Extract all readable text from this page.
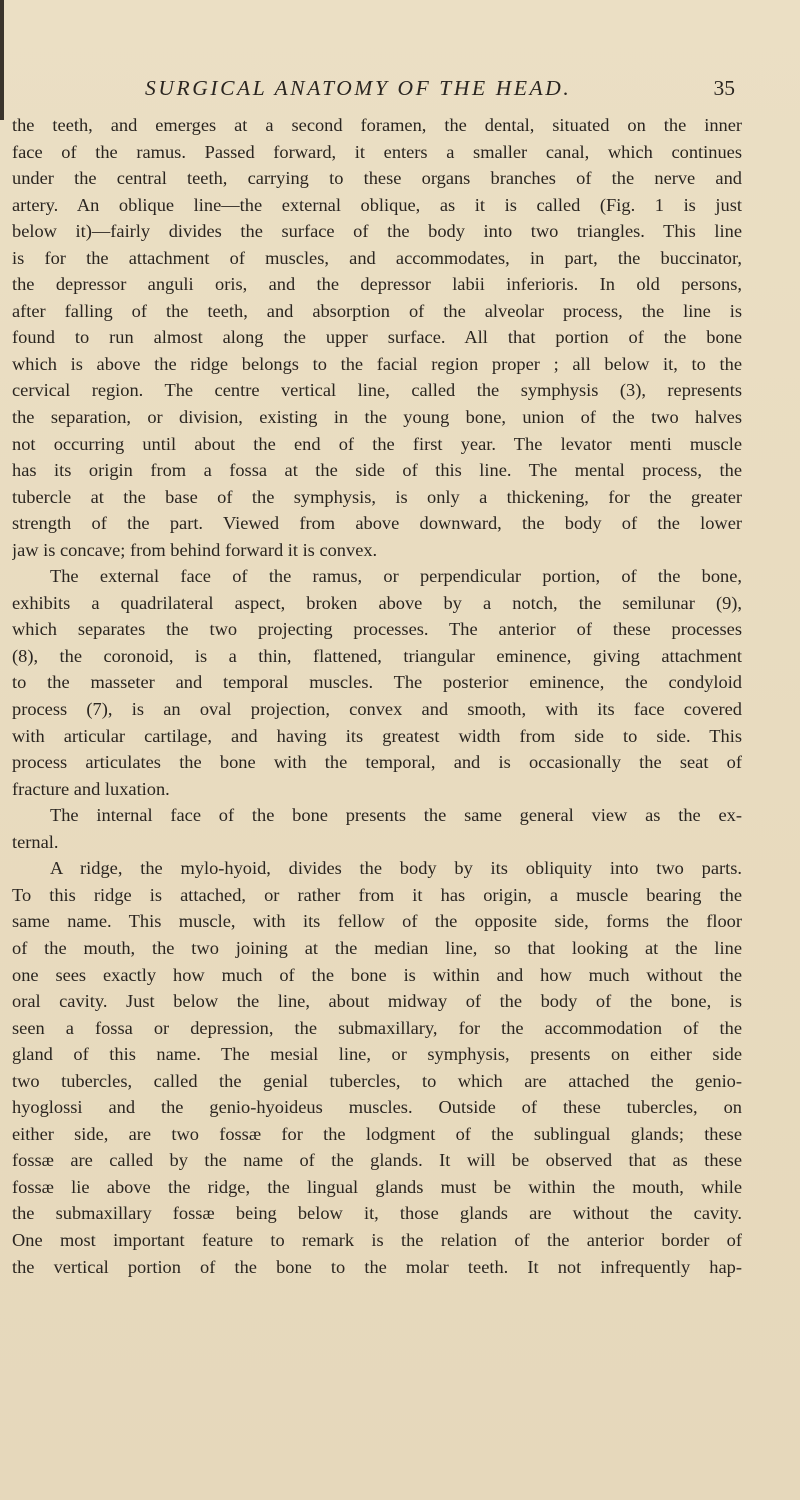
SURGICAL ANATOMY OF THE HEAD.	35
the teeth, and emerges at a second foramen, the dental, situated on the inner
face of the ramus. Passed forward, it enters a smaller canal, which continues
under the central teeth, carrying to these organs branches of the nerve and
artery. An oblique line—the external oblique, as it is called (Fig. 1 is just
below it)—fairly divides the surface of the body into two triangles. This line
is for the attachment of muscles, and accommodates, in part, the buccinator,
the depressor anguli oris, and the depressor labii inferioris. In old persons,
after falling of the teeth, and absorption of the alveolar process, the line is
found to run almost along the upper surface. All that portion of the bone
which is above the ridge belongs to the facial region proper ; all below it, to the
cervical region. The centre vertical line, called the symphysis (3), represents
the separation, or division, existing in the young bone, union of the two halves
not occurring until about the end of the first year. The levator menti muscle
has its origin from a fossa at the side of this line. The mental process, the
tubercle at the base of the symphysis, is only a thickening, for the greater
strength of the part. Viewed from above downward, the body of the lower
jaw is concave; from behind forward it is convex.
The external face of the ramus, or perpendicular portion, of the bone,
exhibits a quadrilateral aspect, broken above by a notch, the semilunar (9),
which separates the two projecting processes. The anterior of these processes
(8), the coronoid, is a thin, flattened, triangular eminence, giving attachment
to the masseter and temporal muscles. The posterior eminence, the condyloid
process (7), is an oval projection, convex and smooth, with its face covered
with articular cartilage, and having its greatest width from side to side. This
process articulates the bone with the temporal, and is occasionally the seat of
fracture and luxation.
The internal face of the bone presents the same general view as the ex-
ternal.
A ridge, the mylo-hyoid, divides the body by its obliquity into two parts.
To this ridge is attached, or rather from it has origin, a muscle bearing the
same name. This muscle, with its fellow of the opposite side, forms the floor
of the mouth, the two joining at the median line, so that looking at the line
one sees exactly how much of the bone is within and how much without the
oral cavity. Just below the line, about midway of the body of the bone, is
seen a fossa or depression, the submaxillary, for the accommodation of the
gland of this name. The mesial line, or symphysis, presents on either side
two tubercles, called the genial tubercles, to which are attached the genio-
hyoglossi and the genio-hyoideus muscles. Outside of these tubercles, on
either side, are two fossæ for the lodgment of the sublingual glands; these
fossæ are called by the name of the glands. It will be observed that as these
fossæ lie above the ridge, the lingual glands must be within the mouth, while
the submaxillary fossæ being below it, those glands are without the cavity.
One most important feature to remark is the relation of the anterior border of
the vertical portion of the bone to the molar teeth. It not infrequently hap-
